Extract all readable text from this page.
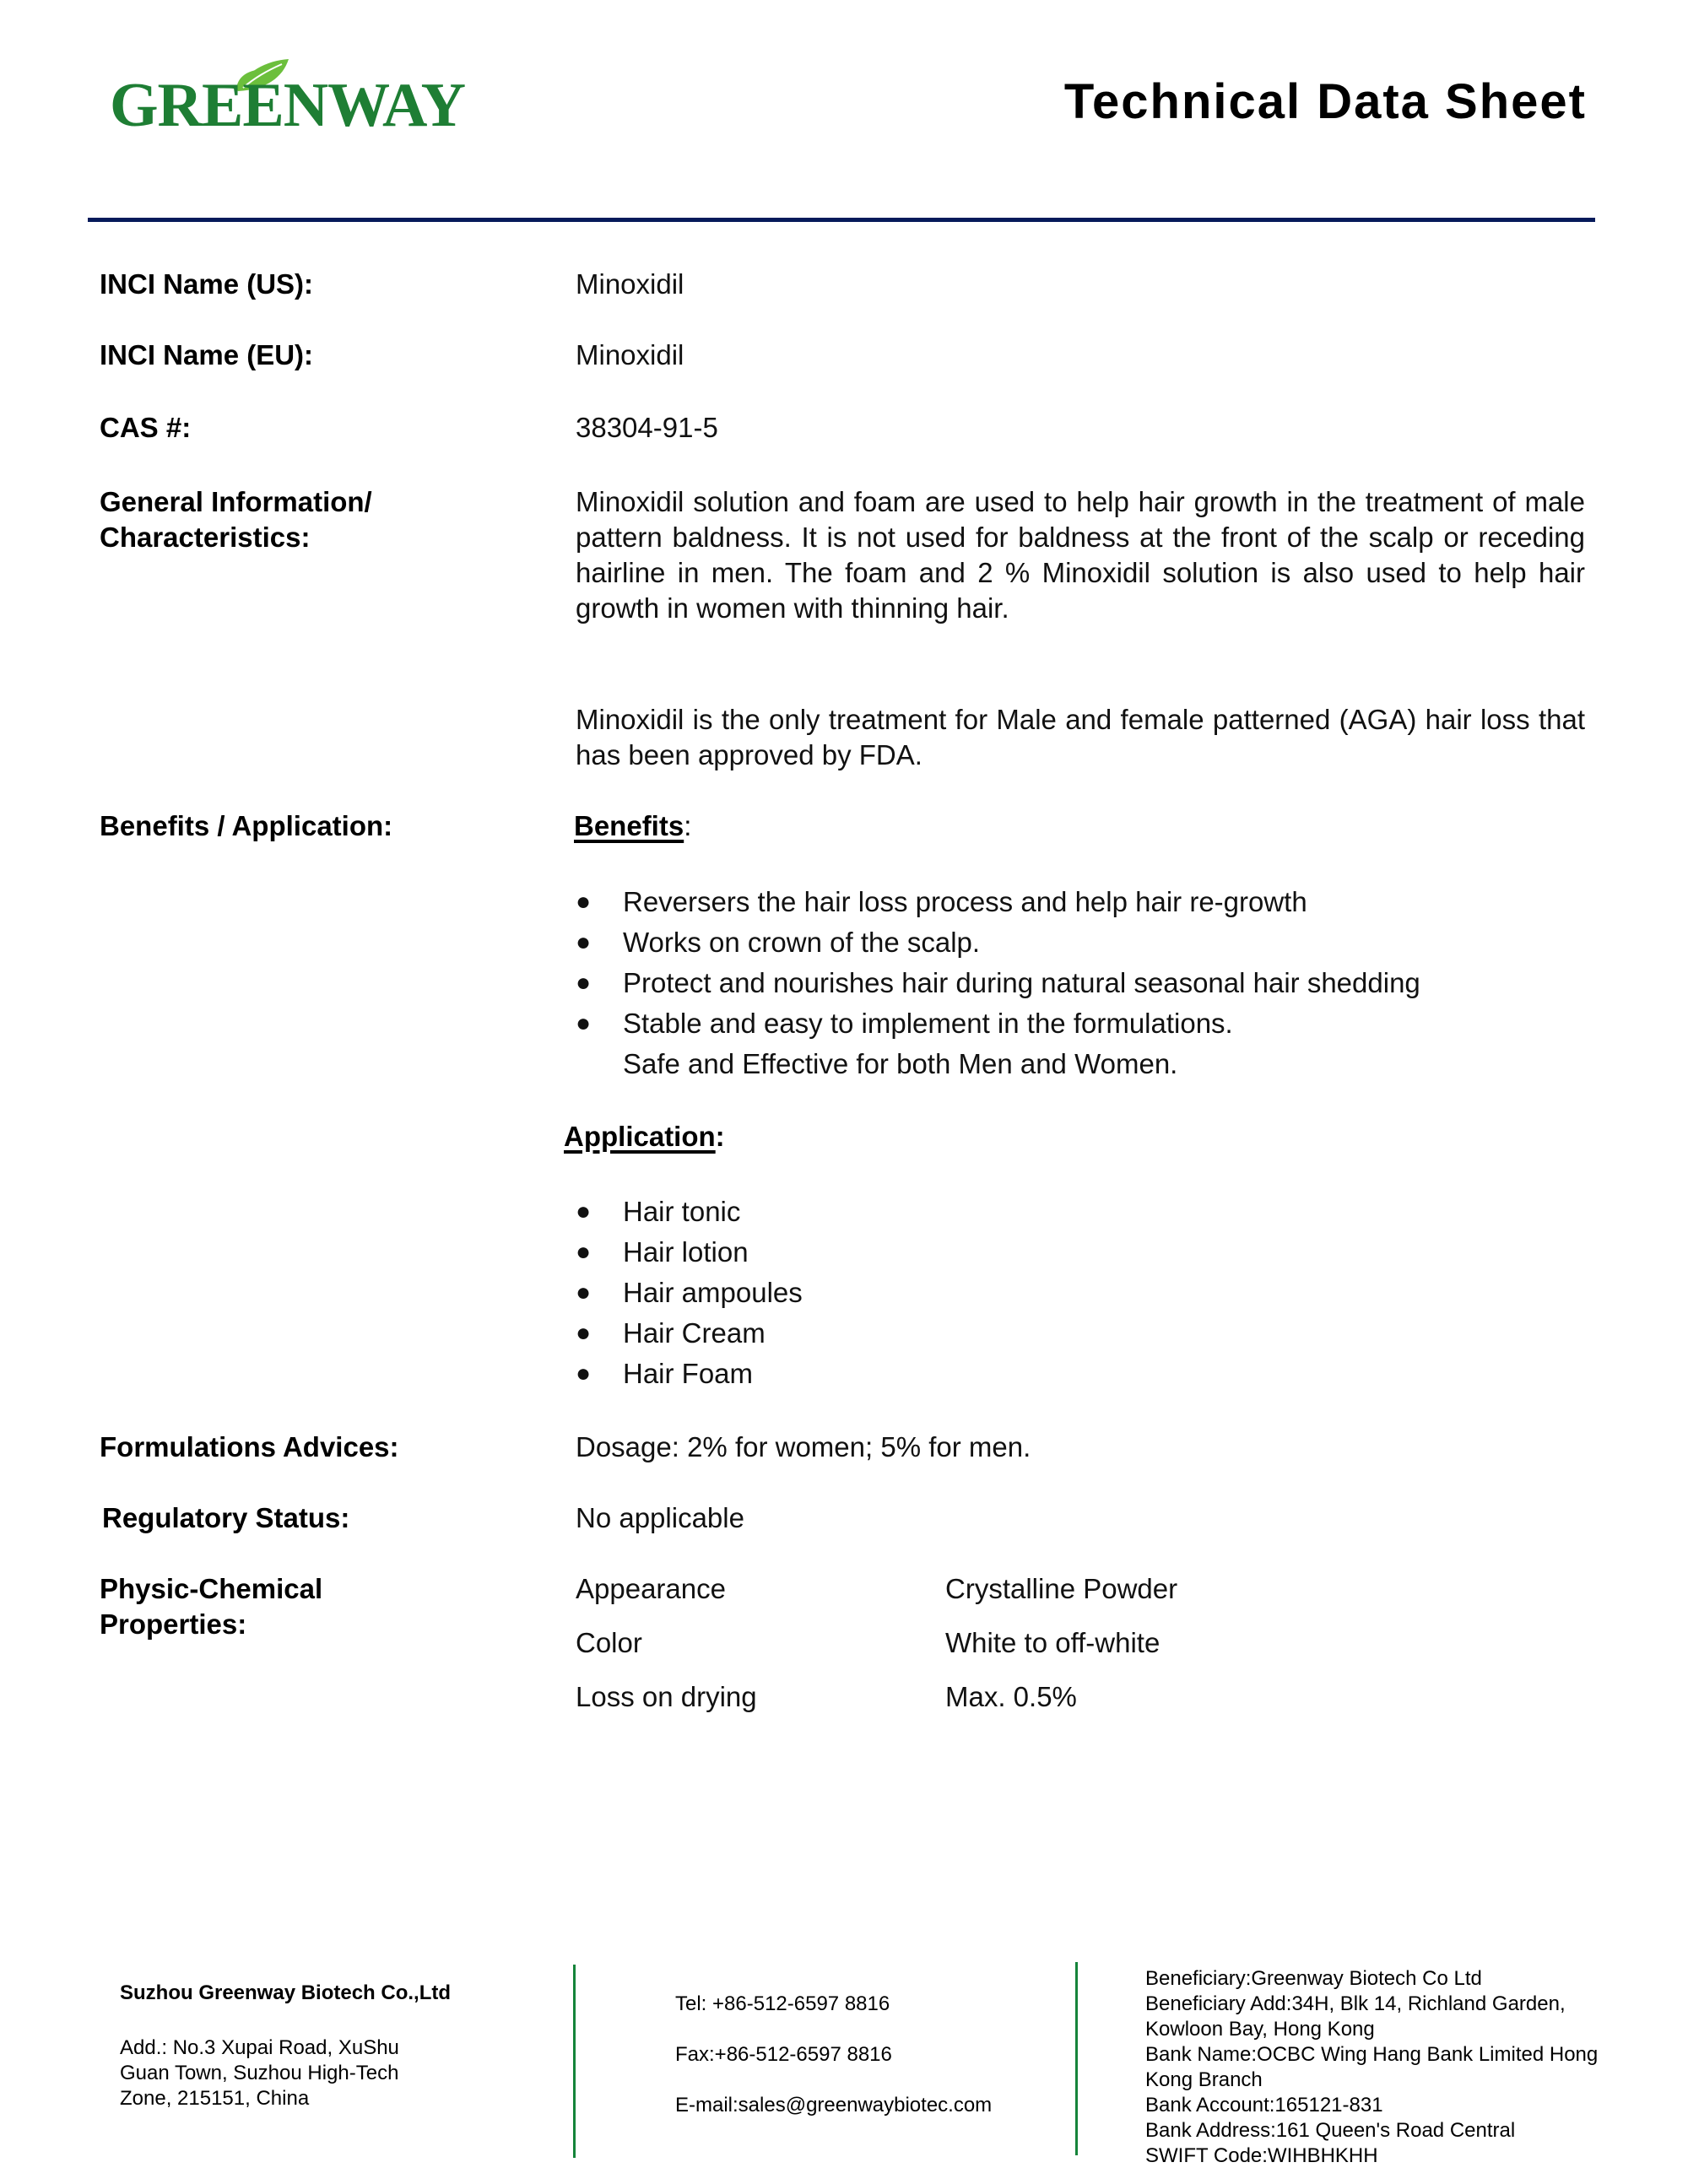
GREENWAY	Technical Data Sheet
INCI Name (US):	Minoxidil
INCI Name (EU):	Minoxidil
CAS #:	38304-91-5
General Information/
Characteristics:
Minoxidil solution and foam are used to help hair growth in the treatment of male pattern baldness. It is not used for baldness at the front of the scalp or receding hairline in men. The foam and 2 % Minoxidil solution is also used to help hair growth in women with thinning hair.
Minoxidil is the only treatment for Male and female patterned (AGA) hair loss that has been approved by FDA.
Benefits / Application:	Benefits:
●	Reversers the hair loss process and help hair re-growth
●	Works on crown of the scalp.
●	Protect and nourishes hair during natural seasonal hair shedding
●	Stable and easy to implement in the formulations.
Safe and Effective for both Men and Women.
Application:
●	Hair tonic
●	Hair lotion
●	Hair ampoules
●	Hair Cream
●	Hair Foam
Formulations Advices:	Dosage: 2% for women; 5% for men.
Regulatory Status:	No applicable
Physic-Chemical
Properties:
Appearance	Crystalline Powder
Color	White to off-white
Loss on drying	Max. 0.5%
Suzhou Greenway Biotech Co.,Ltd
Add.: No.3 Xupai Road, XuShu
Guan Town, Suzhou High-Tech
Zone, 215151, China
Tel: +86-512-6597 8816
Fax:+86-512-6597 8816
E-mail:sales@greenwaybiotec.com
Beneficiary:Greenway Biotech Co Ltd
Beneficiary Add:34H, Blk 14, Richland Garden,
Kowloon Bay, Hong Kong
Bank Name:OCBC Wing Hang Bank Limited Hong
Kong Branch
Bank Account:165121-831
Bank Address:161 Queen's Road Central
SWIFT Code:WIHBHKHH
